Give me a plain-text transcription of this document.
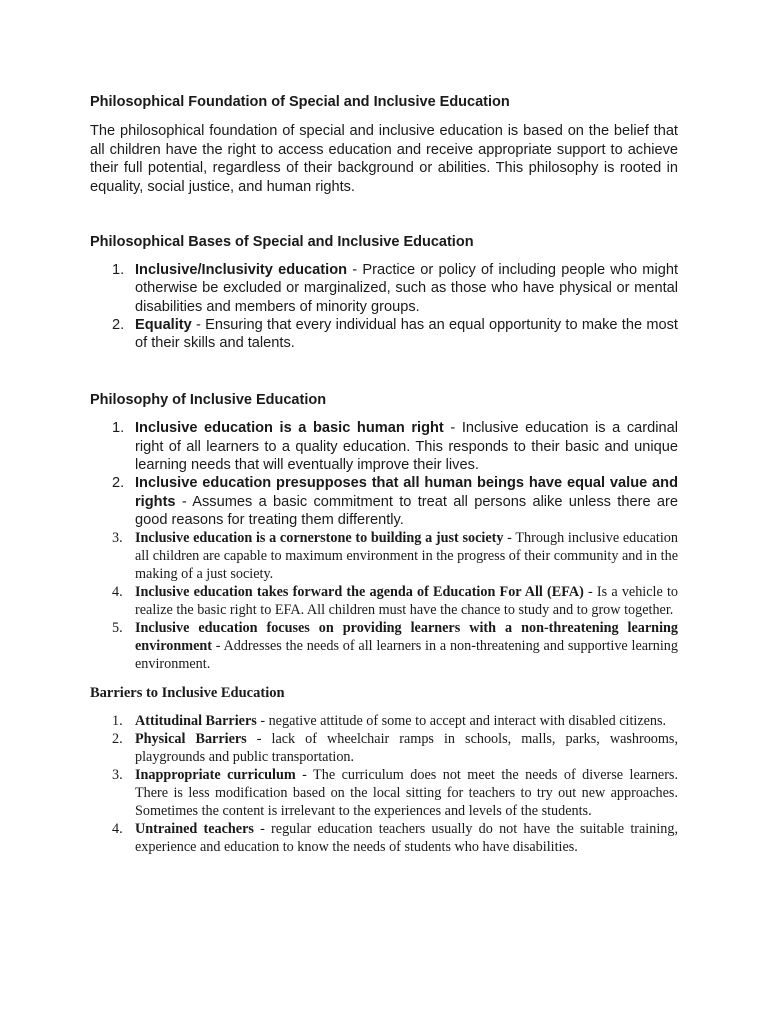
Philosophical Foundation of Special and Inclusive Education

The philosophical foundation of special and inclusive education is based on the belief that all children have the right to access education and receive appropriate support to achieve their full potential, regardless of their background or abilities. This philosophy is rooted in equality, social justice, and human rights.

Philosophical Bases of Special and Inclusive Education
1. Inclusive/Inclusivity education - Practice or policy of including people who might otherwise be excluded or marginalized, such as those who have physical or mental disabilities and members of minority groups.
2. Equality - Ensuring that every individual has an equal opportunity to make the most of their skills and talents.
Philosophy of Inclusive Education
1. Inclusive education is a basic human right - Inclusive education is a cardinal right of all learners to a quality education. This responds to their basic and unique learning needs that will eventually improve their lives.
2. Inclusive education presupposes that all human beings have equal value and rights - Assumes a basic commitment to treat all persons alike unless there are good reasons for treating them differently.
3. Inclusive education is a cornerstone to building a just society - Through inclusive education all children are capable to maximum environment in the progress of their community and in the making of a just society.
4. Inclusive education takes forward the agenda of Education For All (EFA) - Is a vehicle to realize the basic right to EFA. All children must have the chance to study and to grow together.
5. Inclusive education focuses on providing learners with a non-threatening learning environment - Addresses the needs of all learners in a non-threatening and supportive learning environment.
Barriers to Inclusive Education
1. Attitudinal Barriers - negative attitude of some to accept and interact with disabled citizens.
2. Physical Barriers - lack of wheelchair ramps in schools, malls, parks, washrooms, playgrounds and public transportation.
3. Inappropriate curriculum - The curriculum does not meet the needs of diverse learners. There is less modification based on the local sitting for teachers to try out new approaches. Sometimes the content is irrelevant to the experiences and levels of the students.
4. Untrained teachers - regular education teachers usually do not have the suitable training, experience and education to know the needs of students who have disabilities.
